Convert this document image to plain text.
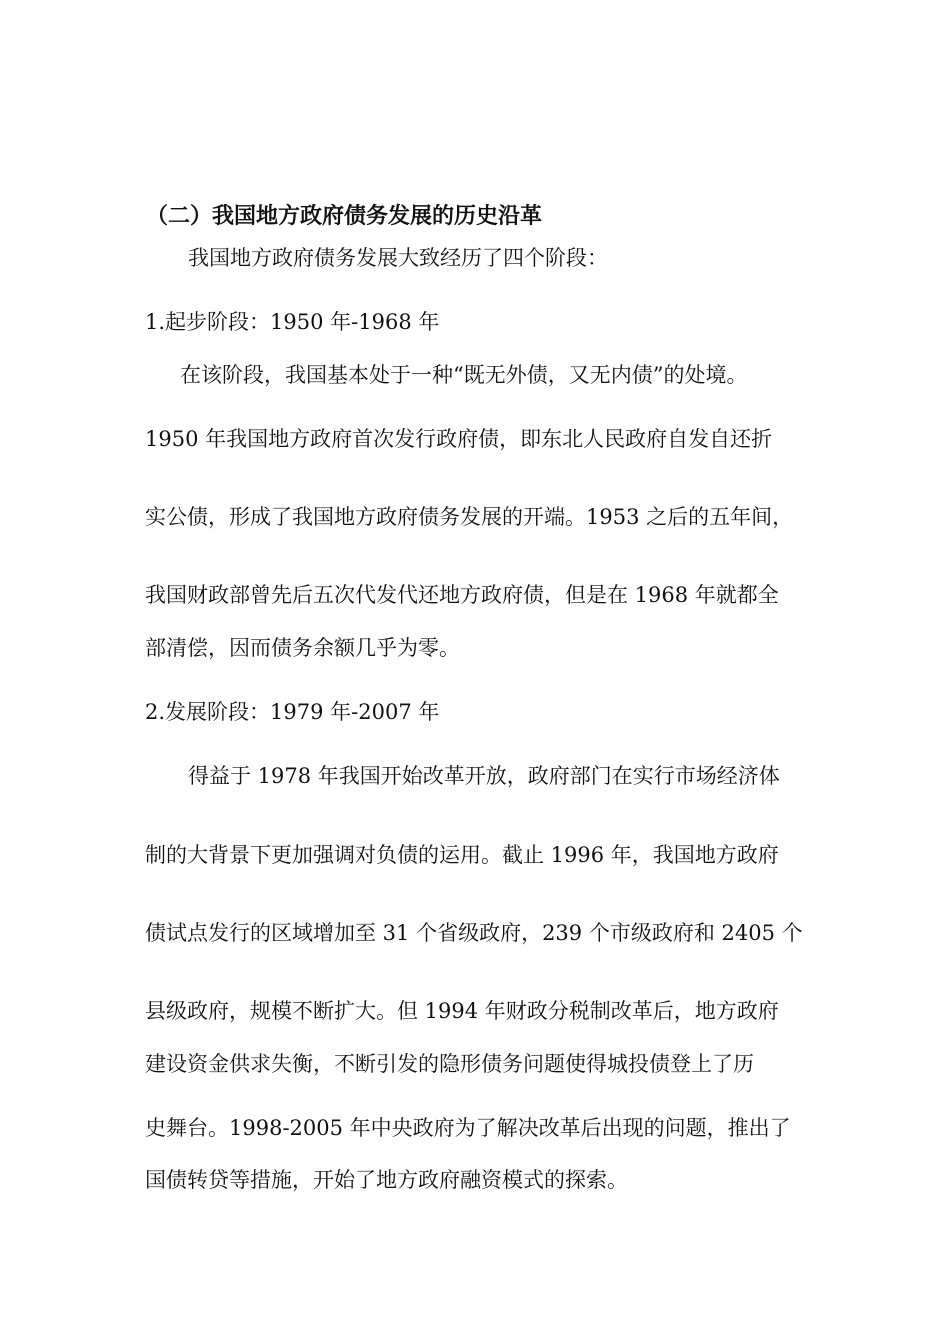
（二）我国地方政府债务发展的历史沿革
我国地方政府债务发展大致经历了四个阶段：
1.起步阶段：1950 年-1968 年
在该阶段，我国基本处于一种“既无外债，又无内债”的处境。
1950 年我国地方政府首次发行政府债，即东北人民政府自发自还折
实公债，形成了我国地方政府债务发展的开端。1953 之后的五年间，
我国财政部曾先后五次代发代还地方政府债，但是在 1968 年就都全
部清偿，因而债务余额几乎为零。
2.发展阶段：1979 年-2007 年
得益于 1978 年我国开始改革开放，政府部门在实行市场经济体
制的大背景下更加强调对负债的运用。截止 1996 年，我国地方政府
债试点发行的区域增加至 31 个省级政府，239 个市级政府和 2405 个
县级政府，规模不断扩大。但 1994 年财政分税制改革后，地方政府
建设资金供求失衡，不断引发的隐形债务问题使得城投债登上了历
史舞台。1998-2005 年中央政府为了解决改革后出现的问题，推出了
国债转贷等措施，开始了地方政府融资模式的探索。
